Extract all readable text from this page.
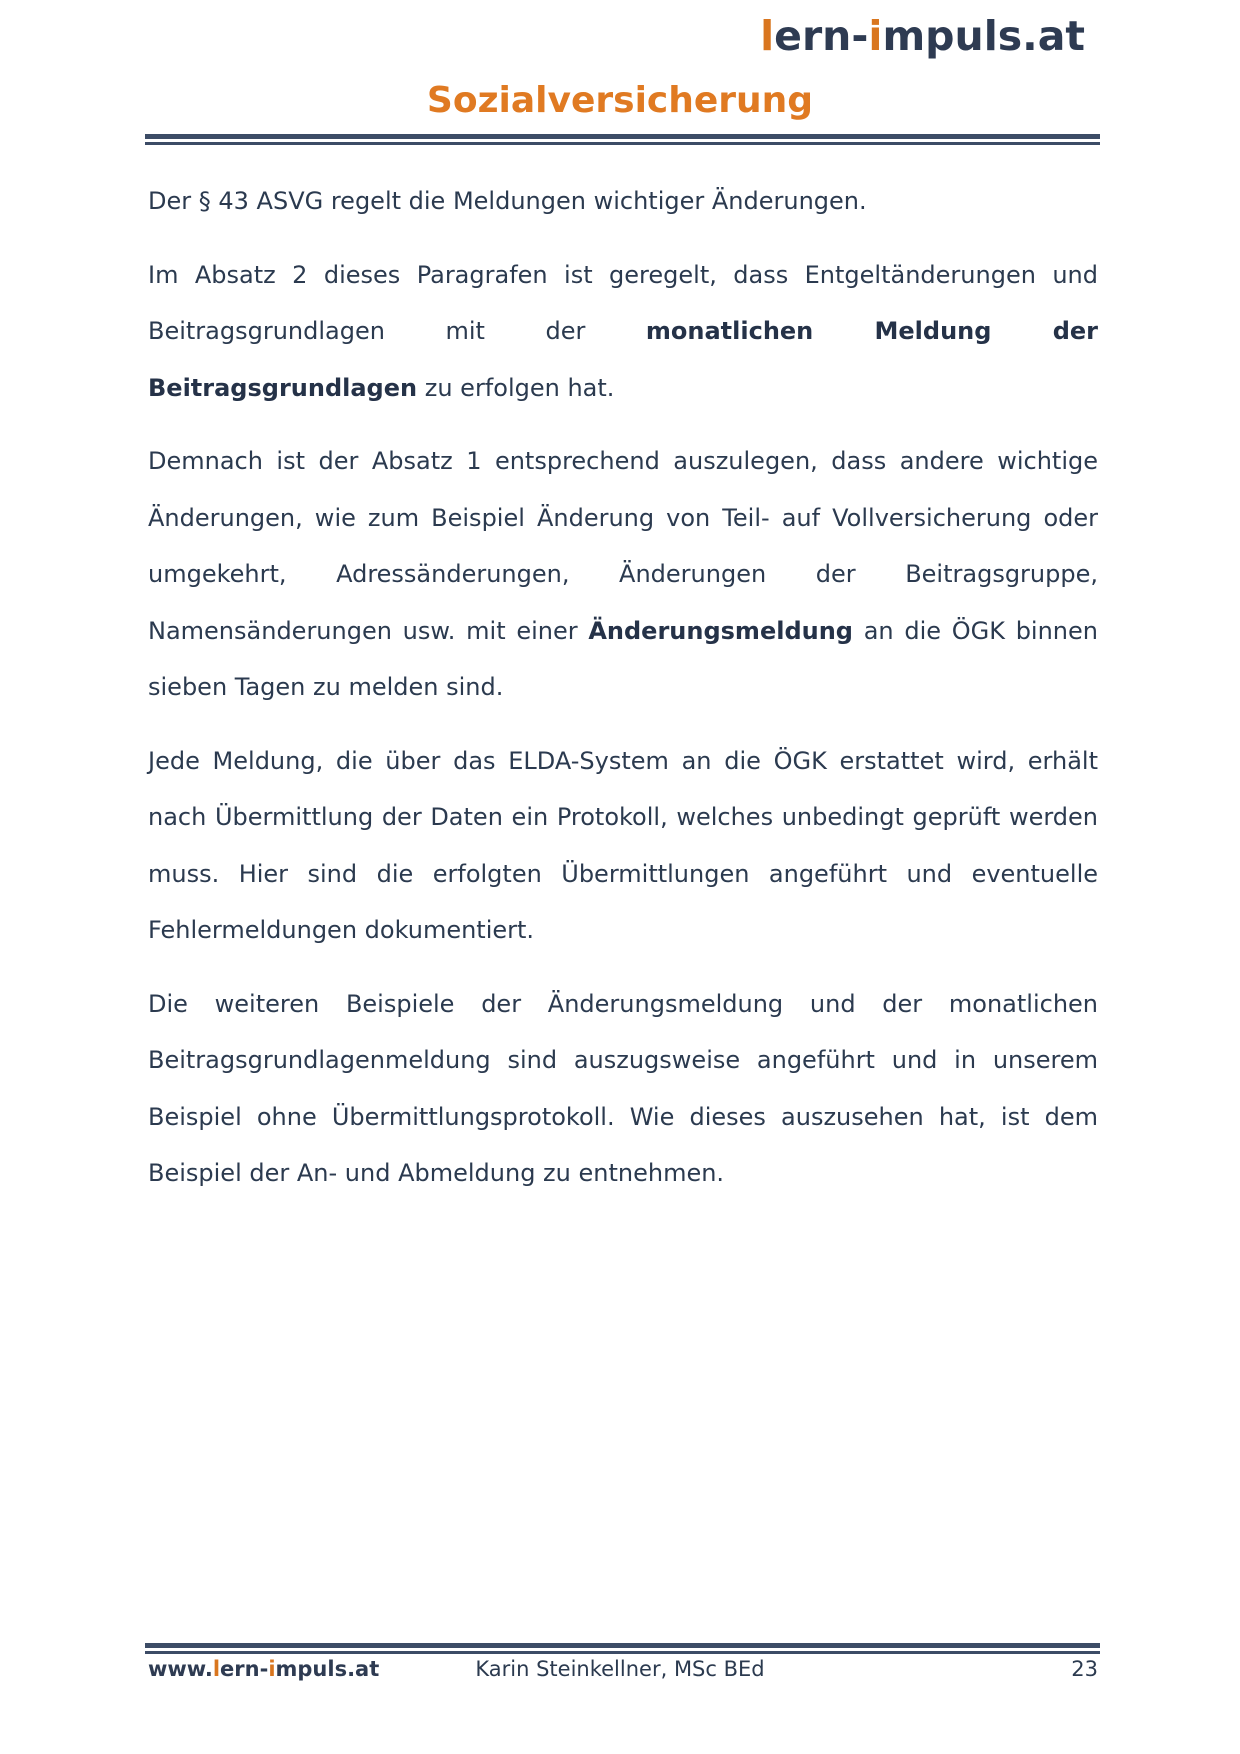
lern-impuls.at
Sozialversicherung

Der § 43 ASVG regelt die Meldungen wichtiger Änderungen.

Im Absatz 2 dieses Paragrafen ist geregelt, dass Entgeltänderungen und Beitragsgrundlagen mit der monatlichen Meldung der Beitragsgrundlagen zu erfolgen hat.

Demnach ist der Absatz 1 entsprechend auszulegen, dass andere wichtige Änderungen, wie zum Beispiel Änderung von Teil- auf Vollversicherung oder umgekehrt, Adressänderungen, Änderungen der Beitragsgruppe, Namensänderungen usw. mit einer Änderungsmeldung an die ÖGK binnen sieben Tagen zu melden sind.

Jede Meldung, die über das ELDA-System an die ÖGK erstattet wird, erhält nach Übermittlung der Daten ein Protokoll, welches unbedingt geprüft werden muss. Hier sind die erfolgten Übermittlungen angeführt und eventuelle Fehlermeldungen dokumentiert.

Die weiteren Beispiele der Änderungsmeldung und der monatlichen Beitragsgrundlagenmeldung sind auszugsweise angeführt und in unserem Beispiel ohne Übermittlungsprotokoll. Wie dieses auszusehen hat, ist dem Beispiel der An- und Abmeldung zu entnehmen.

Karin Steinkellner, MSc BEd
www.lern-impuls.at	23
